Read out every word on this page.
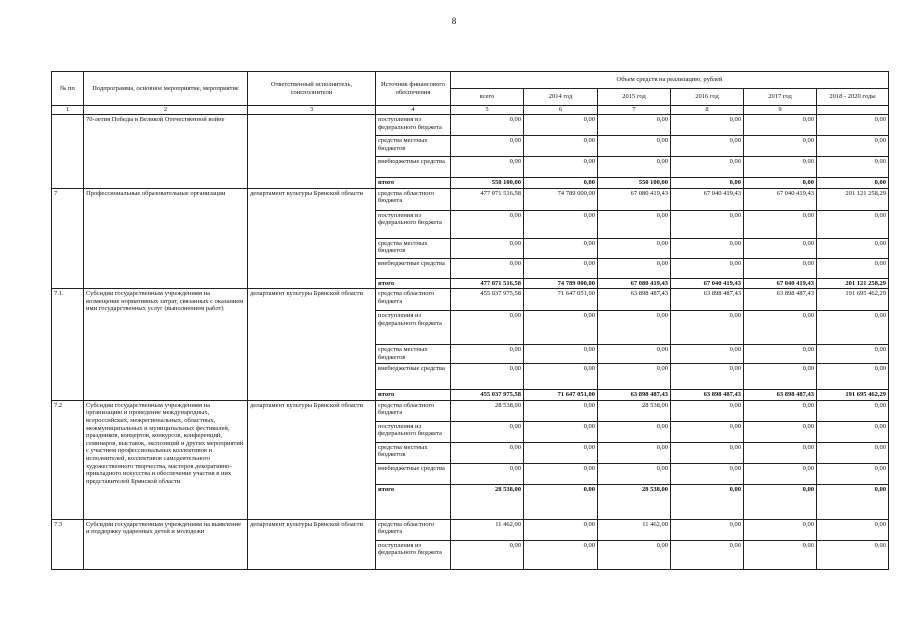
8
№ пп	Подпрограмма, основное мероприятие, мероприятие	Ответственный исполнитель, соисполнители	Источник финансового обеспечения	Объем средств на реализацию, рублей					
				всего	2014 год	2015 год	2016 год	2017 год	2018 - 2020 годы
1	2	3	4	5	6	7	8	9	
	70-летия Победы в Великой Отечественной войне		поступления из федерального бюджета	0,00	0,00	0,00	0,00	0,00	0,00
			средства местных бюджетов	0,00	0,00	0,00	0,00	0,00	0,00
			внебюджетные средства	0,00	0,00	0,00	0,00	0,00	0,00
			итого	550 100,00	0,00	550 100,00	0,00	0,00	0,00
7	Профессиональные образовательные организации	департамент культуры Брянской области	средства областного бюджета	477 071 516,58	74 789 000,00	67 080 419,43	67 040 419,43	67 040 419,43	201 121 258,29
			поступления из федерального бюджета	0,00	0,00	0,00	0,00	0,00	0,00
			средства местных бюджетов	0,00	0,00	0,00	0,00	0,00	0,00
			внебюджетные средства	0,00	0,00	0,00	0,00	0,00	0,00
			итого	477 071 516,58	74 789 000,00	67 080 419,43	67 040 419,43	67 040 419,43	201 121 258,29
7.1.	Субсидии государственным учреждениям на возмещение нормативных затрат, связанных с оказанием ими государственных услуг (выполнением работ)	департамент культуры Брянской области	средства областного бюджета	455 037 975,58	71 647 051,00	63 898 487,43	63 898 487,43	63 898 487,43	191 695 462,29
			поступления из федерального бюджета	0,00	0,00	0,00	0,00	0,00	0,00
			средства местных бюджетов	0,00	0,00	0,00	0,00	0,00	0,00
			внебюджетные средства	0,00	0,00	0,00	0,00	0,00	0,00
			итого	455 037 975,58	71 647 051,00	63 898 487,43	63 898 487,43	63 898 487,43	191 695 462,29
7.2	Субсидии государственным учреждениям на организацию и проведение международных, всероссийских, межрегиональных, областных, межмуниципальных и муниципальных фестивалей, праздников, концертов, конкурсов, конференций, семинаров, выставок, экспозиций и других мероприятий с участием профессиональных коллективов и исполнителей, коллективов самодеятельного художественного творчества, мастеров декоративно-прикладного искусства и обеспечение участия в них представителей Брянской области	департамент культуры Брянской области	средства областного бюджета	28 538,00	0,00	28 538,00	0,00	0,00	0,00
			поступления из федерального бюджета	0,00	0,00	0,00	0,00	0,00	0,00
			средства местных бюджетов	0,00	0,00	0,00	0,00	0,00	0,00
			внебюджетные средства	0,00	0,00	0,00	0,00	0,00	0,00
			итого	28 538,00	0,00	28 538,00	0,00	0,00	0,00
7.3	Субсидии государственным учреждениям на выявление и поддержку одаренных детей и молодежи	департамент культуры Брянской области	средства областного бюджета	11 462,00	0,00	11 462,00	0,00	0,00	0,00
			поступления из федерального бюджета	0,00	0,00	0,00	0,00	0,00	0,00
